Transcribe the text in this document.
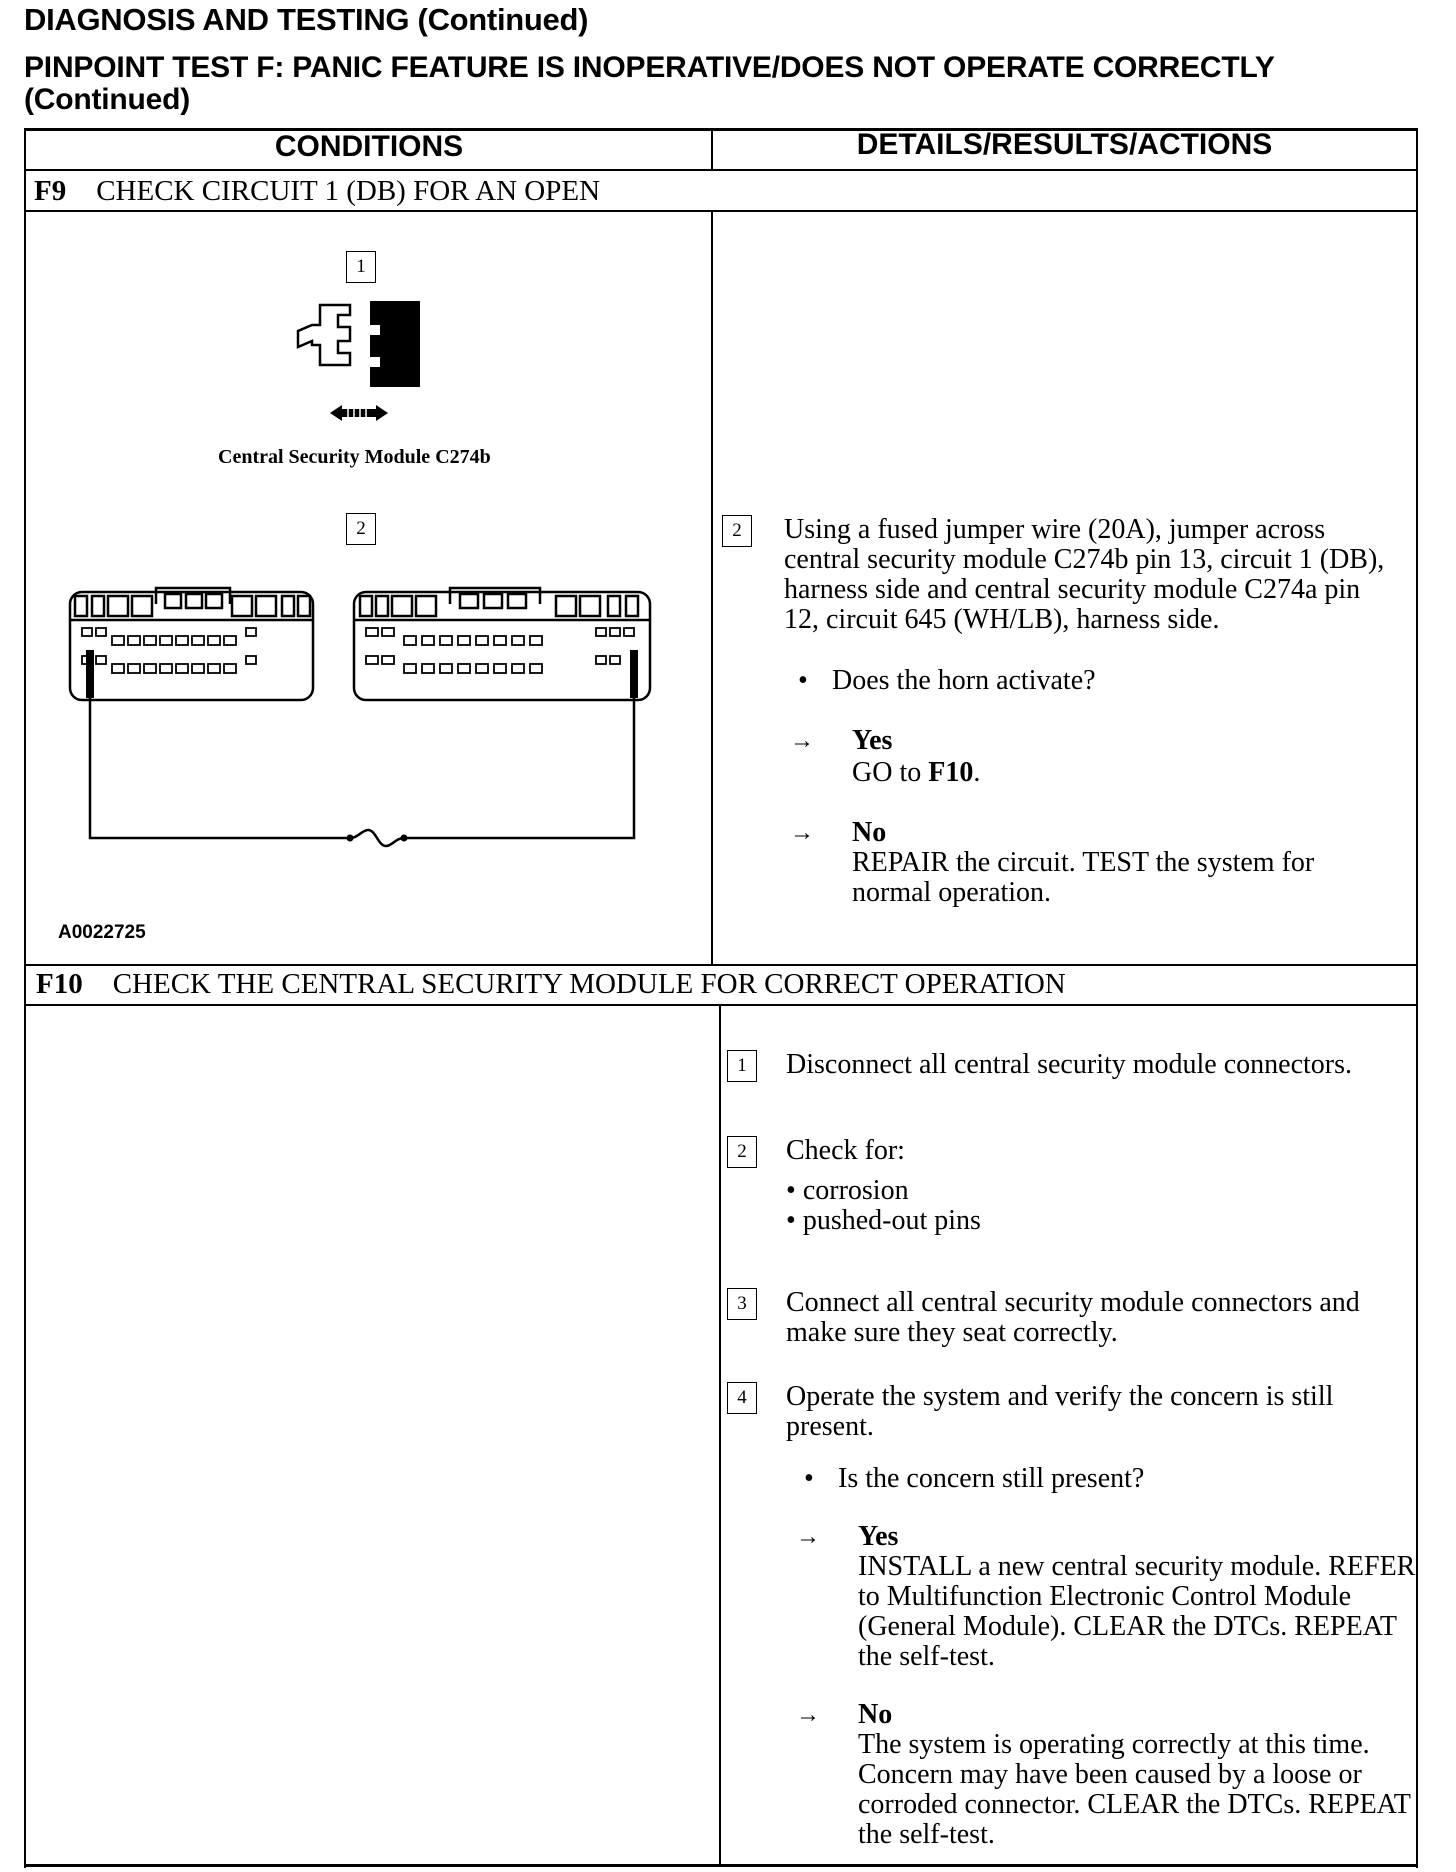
DIAGNOSIS AND TESTING (Continued)
PINPOINT TEST F: PANIC FEATURE IS INOPERATIVE/DOES NOT OPERATE CORRECTLY (Continued)
CONDITIONS	DETAILS/RESULTS/ACTIONS
F9 CHECK CIRCUIT 1 (DB) FOR AN OPEN
1
Central Security Module C274b
2
A0022725
2	Using a fused jumper wire (20A), jumper across central security module C274b pin 13, circuit 1 (DB), harness side and central security module C274a pin 12, circuit 645 (WH/LB), harness side.
• Does the horn activate?
→ Yes
GO to F10.
→ No
REPAIR the circuit. TEST the system for normal operation.
F10 CHECK THE CENTRAL SECURITY MODULE FOR CORRECT OPERATION
1	Disconnect all central security module connectors.
2	Check for:
• corrosion
• pushed-out pins
3	Connect all central security module connectors and make sure they seat correctly.
4	Operate the system and verify the concern is still present.
• Is the concern still present?
→ Yes
INSTALL a new central security module. REFER to Multifunction Electronic Control Module (General Module). CLEAR the DTCs. REPEAT the self-test.
→ No
The system is operating correctly at this time. Concern may have been caused by a loose or corroded connector. CLEAR the DTCs. REPEAT the self-test.
